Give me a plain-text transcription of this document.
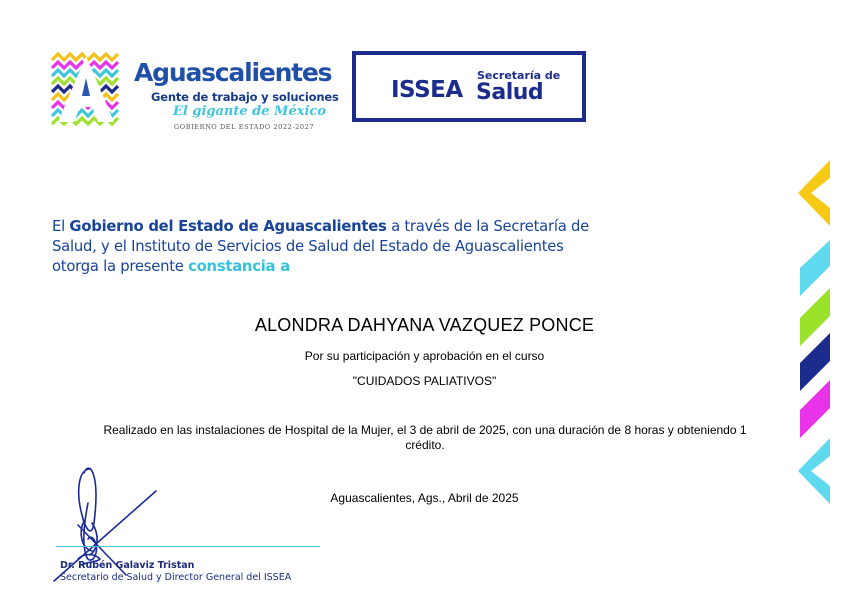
Aguascalientes
Gente de trabajo y soluciones
El gigante de México
GOBIERNO DEL ESTADO 2022-2027
ISSEA
Secretaría de
Salud
El Gobierno del Estado de Aguascalientes a través de la Secretaría de Salud, y el Instituto de Servicios de Salud del Estado de Aguascalientes otorga la presente constancia a
ALONDRA DAHYANA VAZQUEZ PONCE
Por su participación y aprobación en el curso
"CUIDADOS PALIATIVOS"
Realizado en las instalaciones de Hospital de la Mujer, el 3 de abril de 2025, con una duración de 8 horas y obteniendo 1 crédito.
Aguascalientes, Ags., Abril de 2025
Dr. Rubén Galaviz Tristan
Secretario de Salud y Director General del ISSEA
